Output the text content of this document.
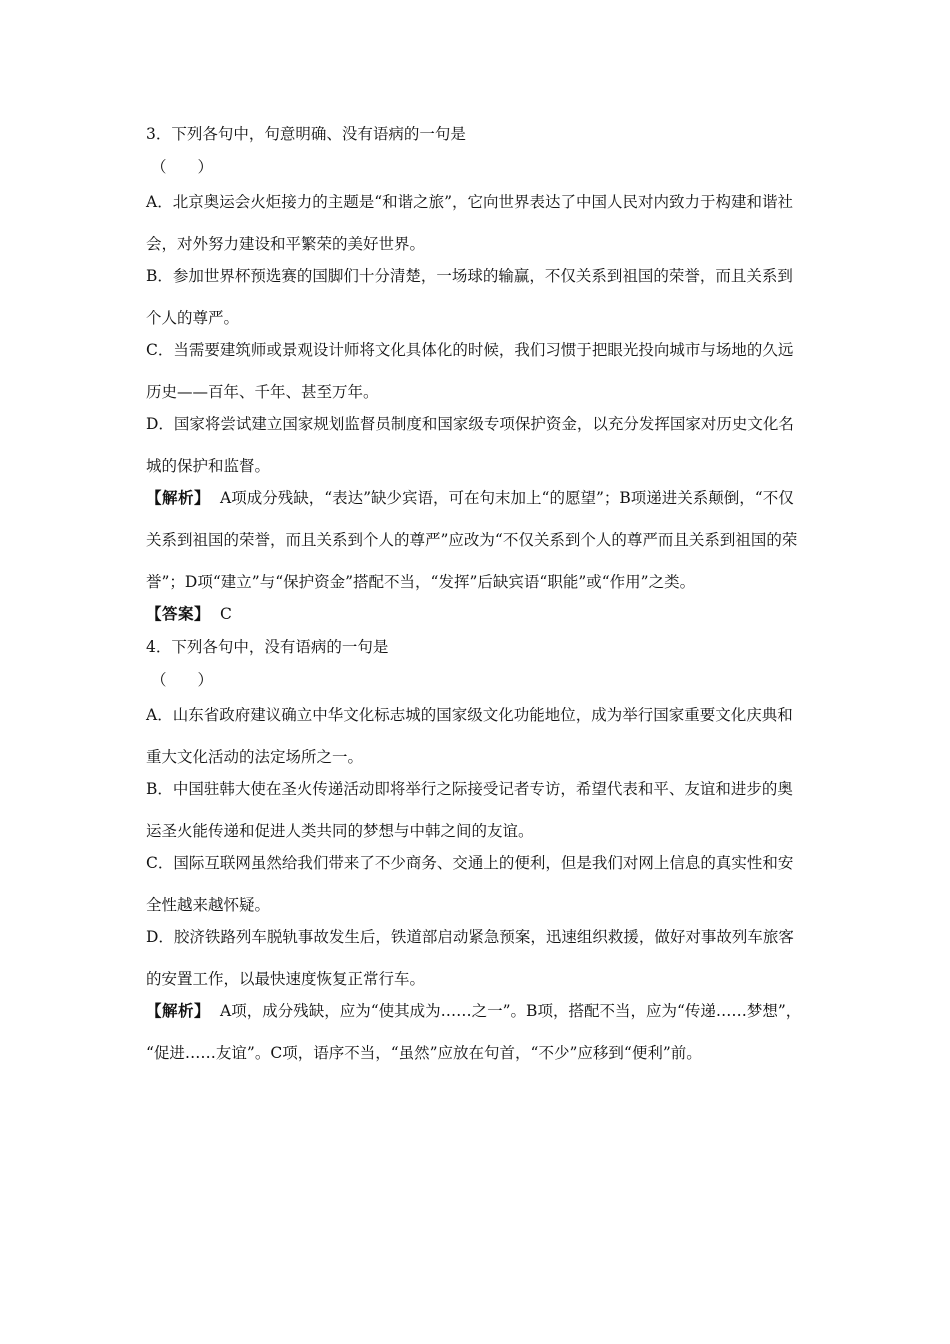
3．下列各句中，句意明确、没有语病的一句是

（　　）

A．北京奥运会火炬接力的主题是“和谐之旅”，它向世界表达了中国人民对内致力于构建和谐社会，对外努力建设和平繁荣的美好世界。

B．参加世界杯预选赛的国脚们十分清楚，一场球的输赢，不仅关系到祖国的荣誉，而且关系到个人的尊严。

C．当需要建筑师或景观设计师将文化具体化的时候，我们习惯于把眼光投向城市与场地的久远历史——百年、千年、甚至万年。

D．国家将尝试建立国家规划监督员制度和国家级专项保护资金，以充分发挥国家对历史文化名城的保护和监督。

【解析】 A项成分残缺，“表达”缺少宾语，可在句末加上“的愿望”；B项递进关系颠倒，“不仅关系到祖国的荣誉，而且关系到个人的尊严”应改为“不仅关系到个人的尊严而且关系到祖国的荣誉”；D项“建立”与“保护资金”搭配不当，“发挥”后缺宾语“职能”或“作用”之类。

【答案】 C

4．下列各句中，没有语病的一句是

（　　）

A．山东省政府建议确立中华文化标志城的国家级文化功能地位，成为举行国家重要文化庆典和重大文化活动的法定场所之一。

B．中国驻韩大使在圣火传递活动即将举行之际接受记者专访，希望代表和平、友谊和进步的奥运圣火能传递和促进人类共同的梦想与中韩之间的友谊。

C．国际互联网虽然给我们带来了不少商务、交通上的便利，但是我们对网上信息的真实性和安全性越来越怀疑。

D．胶济铁路列车脱轨事故发生后，铁道部启动紧急预案，迅速组织救援，做好对事故列车旅客的安置工作，以最快速度恢复正常行车。

【解析】 A项，成分残缺，应为“使其成为……之一”。B项，搭配不当，应为“传递……梦想”， “促进……友谊”。C项，语序不当，“虽然”应放在句首，“不少”应移到“便利”前。
